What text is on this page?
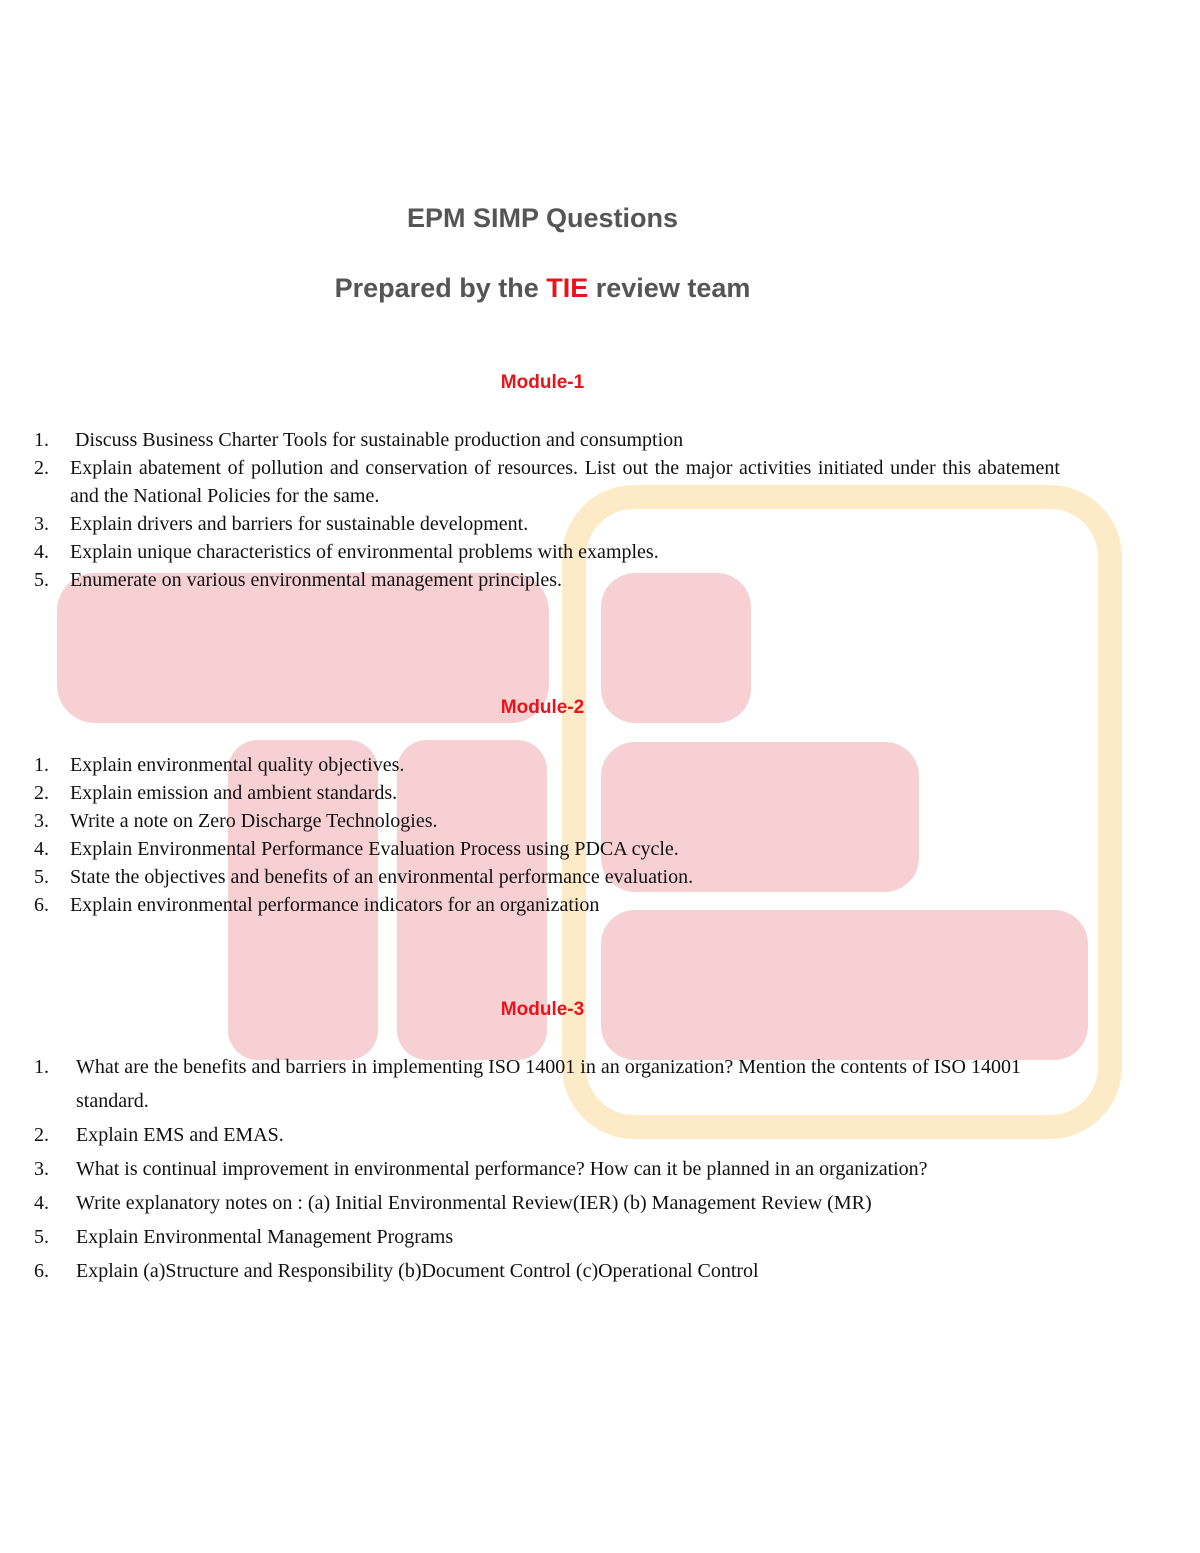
EPM SIMP Questions
Prepared by the TIE review team
Module-1
1. Discuss Business Charter Tools for sustainable production and consumption
2. Explain abatement of pollution and conservation of resources. List out the major activities initiated under this abatement and the National Policies for the same.
3. Explain drivers and barriers for sustainable development.
4. Explain unique characteristics of environmental problems with examples.
5. Enumerate on various environmental management principles.
Module-2
1. Explain environmental quality objectives.
2. Explain emission and ambient standards.
3. Write a note on Zero Discharge Technologies.
4. Explain Environmental Performance Evaluation Process using PDCA cycle.
5. State the objectives and benefits of an environmental performance evaluation.
6. Explain environmental performance indicators for an organization
Module-3
1.	What are the benefits and barriers in implementing ISO 14001 in an organization? Mention the contents of ISO 14001 standard.
2.	Explain EMS and EMAS.
3.	What is continual improvement in environmental performance? How can it be planned in an organization?
4.	Write explanatory notes on : (a) Initial Environmental Review(IER) (b) Management Review (MR)
5.	Explain Environmental Management Programs
6.	Explain (a)Structure and Responsibility (b)Document Control (c)Operational Control
